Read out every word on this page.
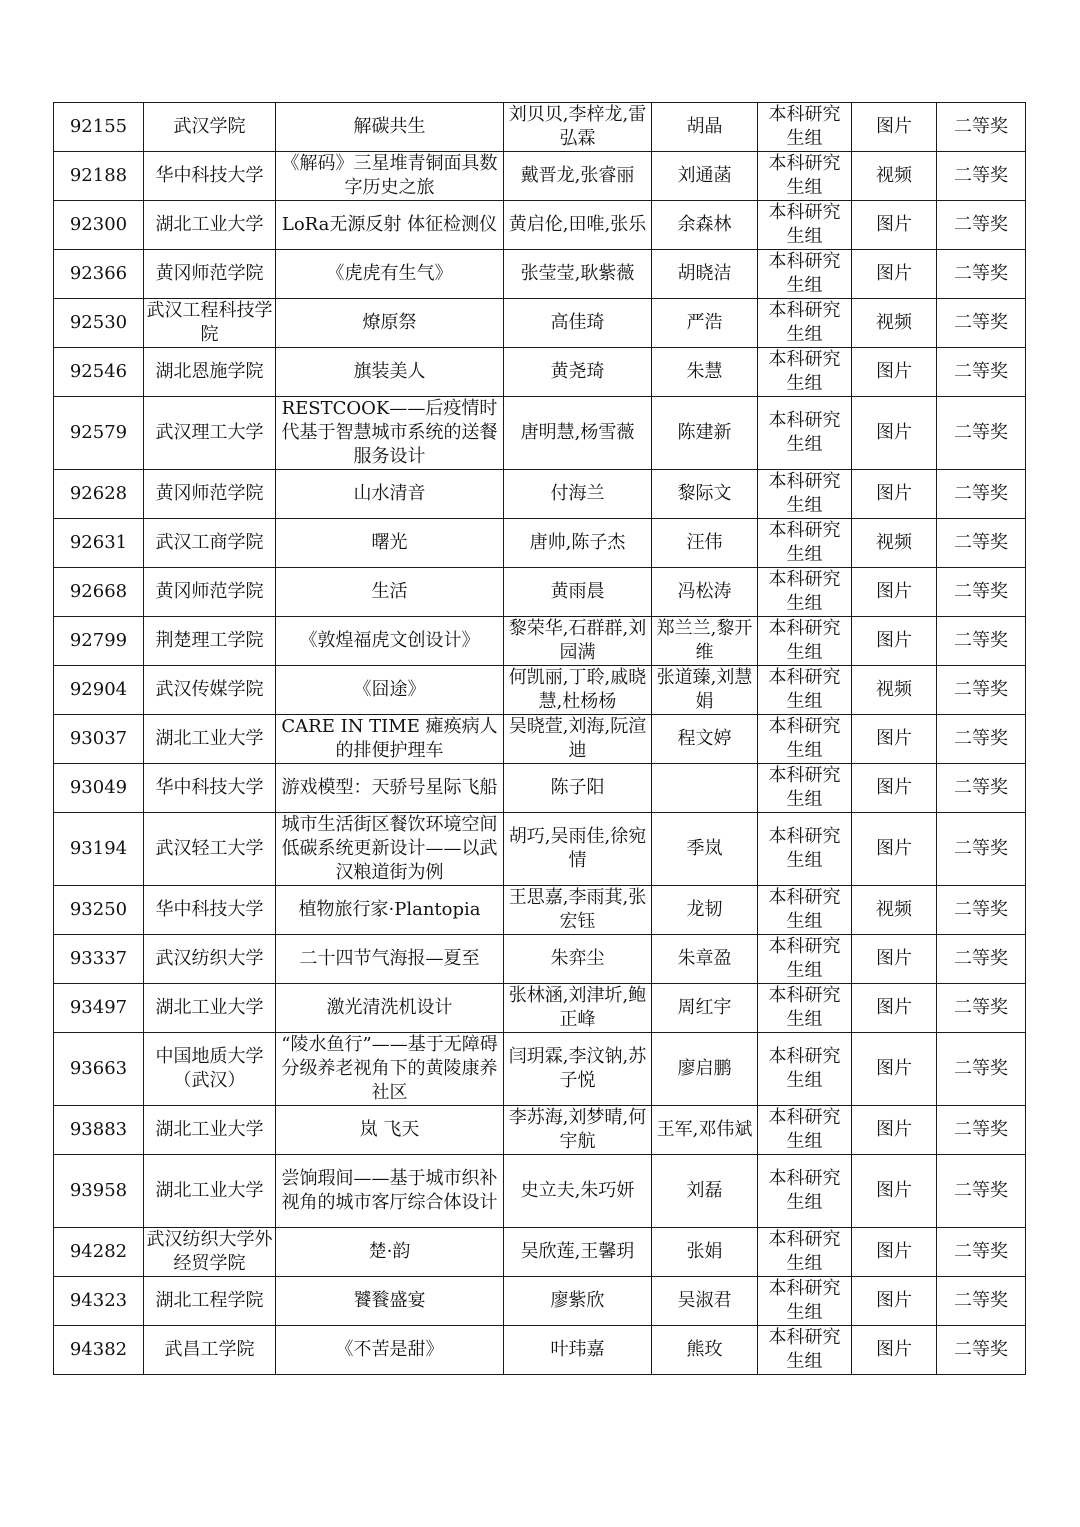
92155	武汉学院	解碳共生	刘贝贝,李梓龙,雷弘霖	胡晶	本科研究生组	图片	二等奖
92188	华中科技大学	《解码》三星堆青铜面具数字历史之旅	戴晋龙,张睿丽	刘通菡	本科研究生组	视频	二等奖
92300	湖北工业大学	LoRa无源反射 体征检测仪	黄启伦,田唯,张乐	余森林	本科研究生组	图片	二等奖
92366	黄冈师范学院	《虎虎有生气》	张莹莹,耿紫薇	胡晓洁	本科研究生组	图片	二等奖
92530	武汉工程科技学院	燎原祭	高佳琦	严浩	本科研究生组	视频	二等奖
92546	湖北恩施学院	旗装美人	黄尧琦	朱慧	本科研究生组	图片	二等奖
92579	武汉理工大学	RESTCOOK——后疫情时代基于智慧城市系统的送餐服务设计	唐明慧,杨雪薇	陈建新	本科研究生组	图片	二等奖
92628	黄冈师范学院	山水清音	付海兰	黎际文	本科研究生组	图片	二等奖
92631	武汉工商学院	曙光	唐帅,陈子杰	汪伟	本科研究生组	视频	二等奖
92668	黄冈师范学院	生活	黄雨晨	冯松涛	本科研究生组	图片	二等奖
92799	荆楚理工学院	《敦煌福虎文创设计》	黎荣华,石群群,刘园满	郑兰兰,黎开维	本科研究生组	图片	二等奖
92904	武汉传媒学院	《囧途》	何凯丽,丁聆,戚晓慧,杜杨杨	张道臻,刘慧娟	本科研究生组	视频	二等奖
93037	湖北工业大学	CARE IN TIME 瘫痪病人的排便护理车	吴晓萱,刘海,阮渲迪	程文婷	本科研究生组	图片	二等奖
93049	华中科技大学	游戏模型：天骄号星际飞船	陈子阳		本科研究生组	图片	二等奖
93194	武汉轻工大学	城市生活街区餐饮环境空间低碳系统更新设计——以武汉粮道街为例	胡巧,吴雨佳,徐宛情	季岚	本科研究生组	图片	二等奖
93250	华中科技大学	植物旅行家·Plantopia	王思嘉,李雨萁,张宏钰	龙韧	本科研究生组	视频	二等奖
93337	武汉纺织大学	二十四节气海报—夏至	朱弈尘	朱章盈	本科研究生组	图片	二等奖
93497	湖北工业大学	激光清洗机设计	张林涵,刘津圻,鲍正峰	周红宇	本科研究生组	图片	二等奖
93663	中国地质大学（武汉）	“陵水鱼行”——基于无障碍分级养老视角下的黄陵康养社区	闫玥霖,李汶钠,苏子悦	廖启鹏	本科研究生组	图片	二等奖
93883	湖北工业大学	岚 飞天	李苏海,刘梦晴,何宇航	王军,邓伟斌	本科研究生组	图片	二等奖
93958	湖北工业大学	尝饷瑕间——基于城市织补视角的城市客厅综合体设计	史立夫,朱巧妍	刘磊	本科研究生组	图片	二等奖
94282	武汉纺织大学外经贸学院	楚·韵	吴欣莲,王馨玥	张娟	本科研究生组	图片	二等奖
94323	湖北工程学院	饕餮盛宴	廖紫欣	吴淑君	本科研究生组	图片	二等奖
94382	武昌工学院	《不苦是甜》	叶玮嘉	熊玫	本科研究生组	图片	二等奖
